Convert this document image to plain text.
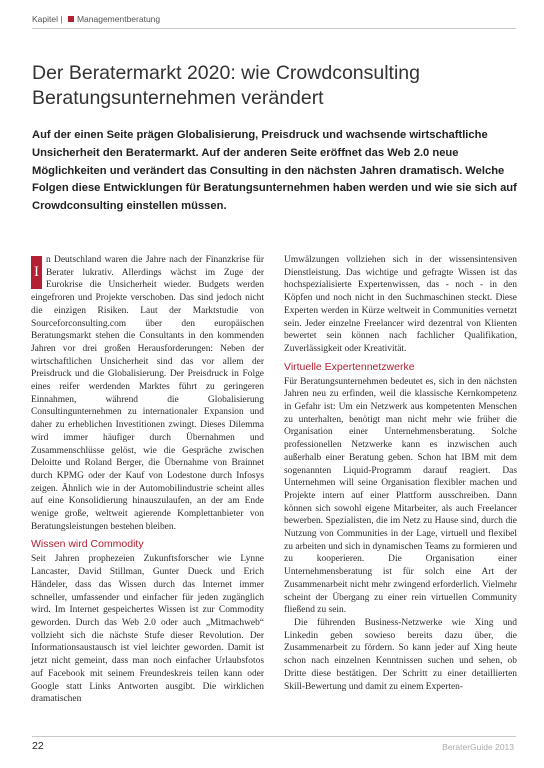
Kapitel | Managementberatung
Der Beratermarkt 2020: wie Crowdconsulting
Beratungsunternehmen verändert

Auf der einen Seite prägen Globalisierung, Preisdruck und wachsende wirtschaftliche Unsicherheit den Beratermarkt. Auf der anderen Seite eröffnet das Web 2.0 neue Möglichkeiten und verändert das Consulting in den nächsten Jahren dramatisch. Welche Folgen diese Entwicklungen für Beratungsunternehmen haben werden und wie sie sich auf Crowdconsulting einstellen müssen.

I
n Deutschland waren die Jahre nach der Finanzkrise für Berater lukrativ. Allerdings wächst im Zuge der Eurokrise die Unsicherheit wieder. Budgets werden eingefroren und Projekte verschoben. Das sind jedoch nicht die einzigen Risiken. Laut der Marktstudie von Sourceforconsulting.com über den europäischen Beratungsmarkt stehen die Consultants in den kommenden Jahren vor drei großen Herausforderungen: Neben der wirtschaftlichen Unsicherheit sind das vor allem der Preisdruck und die Globalisierung. Der Preisdruck in Folge eines reifer werdenden Marktes führt zu geringeren Einnahmen, während die Globalisierung Consultingunternehmen zu internationaler Expansion und daher zu erheblichen Investitionen zwingt. Dieses Dilemma wird immer häufiger durch Übernahmen und Zusammenschlüsse gelöst, wie die Gespräche zwischen Deloitte und Roland Berger, die Übernahme von Brainnet durch KPMG oder der Kauf von Lodestone durch Infosys zeigen. Ähnlich wie in der Automobilindustrie scheint alles auf eine Konsolidierung hinauszulaufen, an der am Ende wenige große, weltweit agierende Komplettanbieter von Beratungsleistungen bestehen bleiben.

Wissen wird Commodity

Seit Jahren prophezeien Zukunftsforscher wie Lynne Lancaster, David Stillman, Gunter Dueck und Erich Händeler, dass das Wissen durch das Internet immer schneller, umfassender und einfacher für jeden zugänglich wird. Im Internet gespeichertes Wissen ist zur Commodity geworden. Durch das Web 2.0 oder auch „Mitmachweb“ vollzieht sich die nächste Stufe dieser Revolution. Der Informationsaustausch ist viel leichter geworden. Damit ist jetzt nicht gemeint, dass man noch einfacher Urlaubsfotos auf Facebook mit seinem Freundeskreis teilen kann oder Google statt Links Antworten ausgibt. Die wirklichen dramatischen

Umwälzungen vollziehen sich in der wissensintensiven Dienstleistung. Das wichtige und gefragte Wissen ist das hochspezialisierte Expertenwissen, das - noch - in den Köpfen und noch nicht in den Suchmaschinen steckt. Diese Experten werden in Kürze weltweit in Communities vernetzt sein. Jeder einzelne Freelancer wird dezentral von Klienten bewertet sein können nach fachlicher Qualifikation, Zuverlässigkeit oder Kreativität.

Virtuelle Expertennetzwerke

Für Beratungsunternehmen bedeutet es, sich in den nächsten Jahren neu zu erfinden, weil die klassische Kernkompetenz in Gefahr ist: Um ein Netzwerk aus kompetenten Menschen zu unterhalten, benötigt man nicht mehr wie früher die Organisation einer Unternehmensberatung. Solche professionellen Netzwerke kann es inzwischen auch außerhalb einer Beratung geben. Schon hat IBM mit dem sogenannten Liquid-Programm darauf reagiert. Das Unternehmen will seine Organisation flexibler machen und Projekte intern auf einer Plattform ausschreiben. Dann können sich sowohl eigene Mitarbeiter, als auch Freelancer bewerben. Spezialisten, die im Netz zu Hause sind, durch die Nutzung von Communities in der Lage, virtuell und flexibel zu arbeiten und sich in dynamischen Teams zu formieren und zu kooperieren. Die Organisation einer Unternehmensberatung ist für solch eine Art der Zusammenarbeit nicht mehr zwingend erforderlich. Vielmehr scheint der Übergang zu einer rein virtuellen Community fließend zu sein.

Die führenden Business-Netzwerke wie Xing und Linkedin geben sowieso bereits dazu über, die Zusammenarbeit zu fördern. So kann jeder auf Xing heute schon nach einzelnen Kenntnissen suchen und sehen, ob Dritte diese bestätigen. Der Schritt zu einer detaillierten Skill-Bewertung und damit zu einem Experten-

22	BeraterGuide 2013
